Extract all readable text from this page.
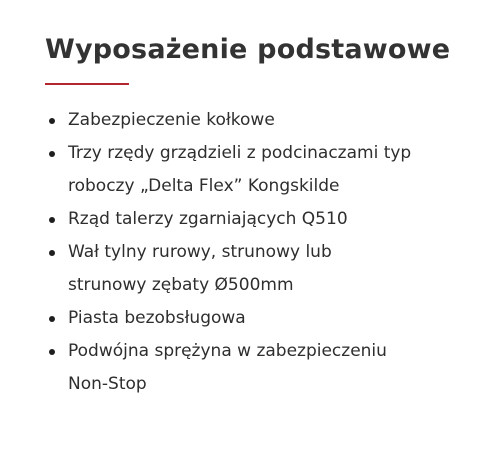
Wyposażenie podstawowe
Zabezpieczenie kołkowe
Trzy rzędy grządzieli z podcinaczami typ
roboczy „Delta Flex” Kongskilde
Rząd talerzy zgarniających Q510
Wał tylny rurowy, strunowy lub
strunowy zębaty Ø500mm
Piasta bezobsługowa
Podwójna sprężyna w zabezpieczeniu
Non-Stop
